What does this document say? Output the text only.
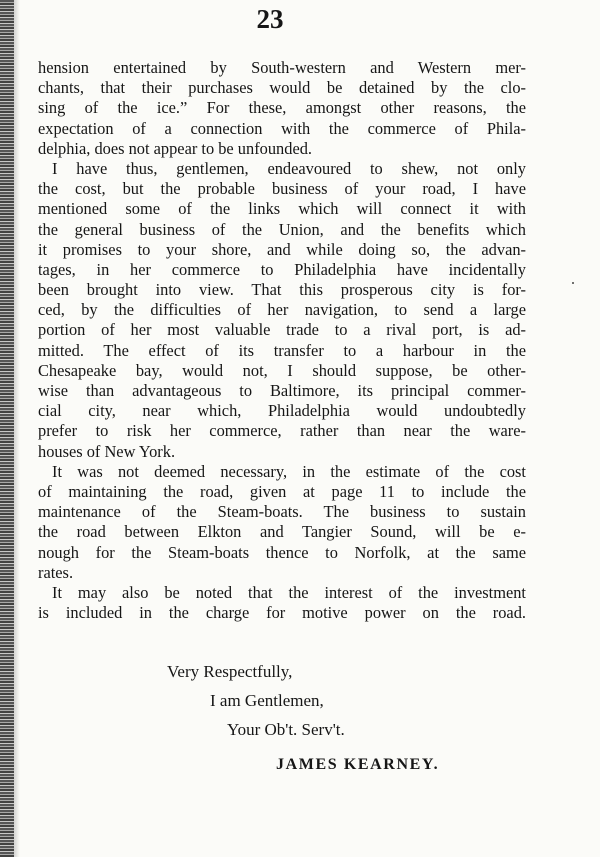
23
hension entertained by South-western and Western mer-
chants, that their purchases would be detained by the clo-
sing of the ice.” For these, amongst other reasons, the
expectation of a connection with the commerce of Phila-
delphia, does not appear to be unfounded.
I have thus, gentlemen, endeavoured to shew, not only
the cost, but the probable business of your road, I have
mentioned some of the links which will connect it with
the general business of the Union, and the benefits which
it promises to your shore, and while doing so, the advan-
tages, in her commerce to Philadelphia have incidentally
been brought into view. That this prosperous city is for-
ced, by the difficulties of her navigation, to send a large
portion of her most valuable trade to a rival port, is ad-
mitted. The effect of its transfer to a harbour in the
Chesapeake bay, would not, I should suppose, be other-
wise than advantageous to Baltimore, its principal commer-
cial city, near which, Philadelphia would undoubtedly
prefer to risk her commerce, rather than near the ware-
houses of New York.
It was not deemed necessary, in the estimate of the cost
of maintaining the road, given at page 11 to include the
maintenance of the Steam-boats. The business to sustain
the road between Elkton and Tangier Sound, will be e-
nough for the Steam-boats thence to Norfolk, at the same
rates.
It may also be noted that the interest of the investment
is included in the charge for motive power on the road.
Very Respectfully,
I am Gentlemen,
Your Ob't. Serv't.
JAMES KEARNEY.
